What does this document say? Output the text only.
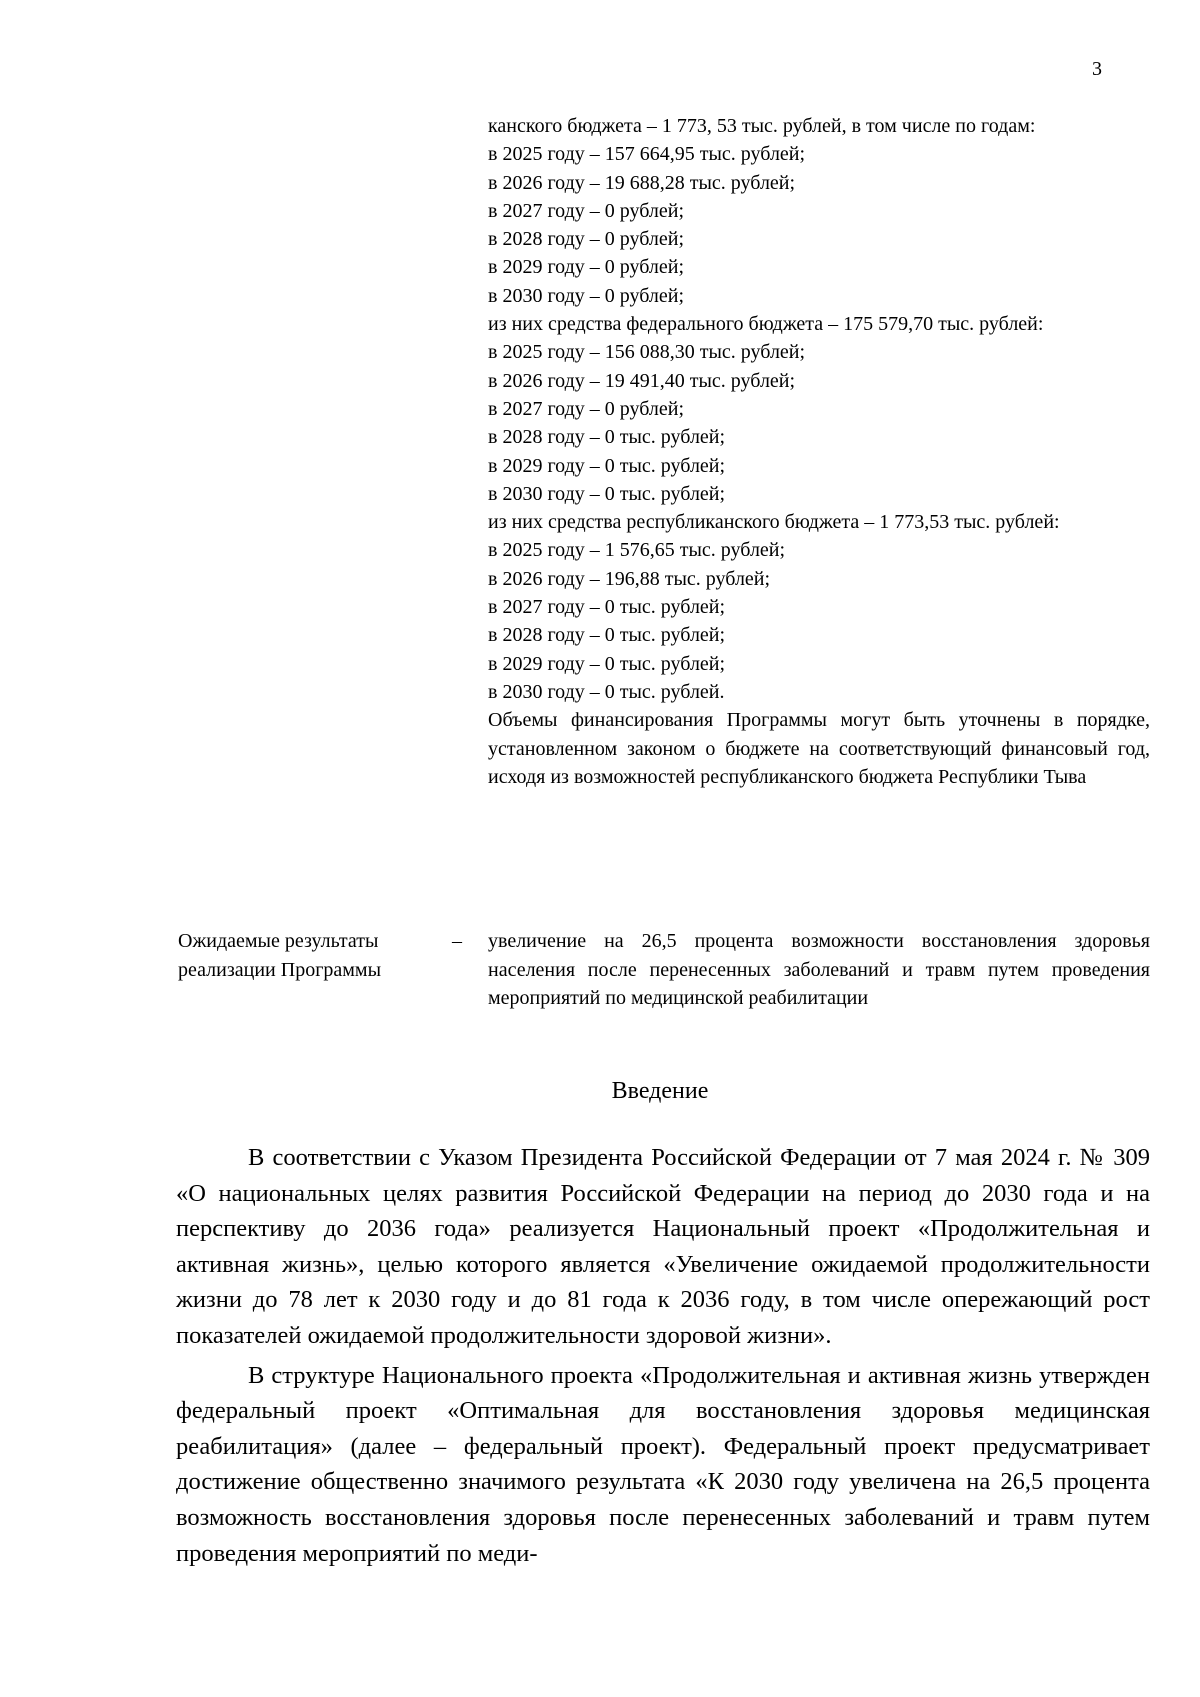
3
канского бюджета – 1 773, 53 тыс. рублей, в том числе по годам:
в 2025 году – 157 664,95 тыс. рублей;
в 2026 году – 19 688,28 тыс. рублей;
в 2027 году – 0 рублей;
в 2028 году – 0 рублей;
в 2029 году – 0 рублей;
в 2030 году – 0 рублей;
из них средства федерального бюджета – 175 579,70 тыс. рублей:
в 2025 году – 156 088,30 тыс. рублей;
в 2026 году – 19 491,40 тыс. рублей;
в 2027 году – 0 рублей;
в 2028 году – 0 тыс. рублей;
в 2029 году – 0 тыс. рублей;
в 2030 году – 0 тыс. рублей;
из них средства республиканского бюджета – 1 773,53 тыс. рублей:
в 2025 году – 1 576,65 тыс. рублей;
в 2026 году – 196,88 тыс. рублей;
в 2027 году – 0 тыс. рублей;
в 2028 году – 0 тыс. рублей;
в 2029 году – 0 тыс. рублей;
в 2030 году – 0 тыс. рублей.
Объемы финансирования Программы могут быть уточнены в порядке, установленном законом о бюджете на соответствующий финансовый год, исходя из возможностей республиканского бюджета Республики Тыва
Ожидаемые результаты реализации Программы
– увеличение на 26,5 процента возможности восстановления здоровья населения после перенесенных заболеваний и травм путем проведения мероприятий по медицинской реабилитации
Введение

В соответствии с Указом Президента Российской Федерации от 7 мая 2024 г. № 309 «О национальных целях развития Российской Федерации на период до 2030 года и на перспективу до 2036 года» реализуется Национальный проект «Продолжительная и активная жизнь», целью которого является «Увеличение ожидаемой продолжительности жизни до 78 лет к 2030 году и до 81 года к 2036 году, в том числе опережающий рост показателей ожидаемой продолжительности здоровой жизни».

В структуре Национального проекта «Продолжительная и активная жизнь утвержден федеральный проект «Оптимальная для восстановления здоровья медицинская реабилитация» (далее – федеральный проект). Федеральный проект предусматривает достижение общественно значимого результата «К 2030 году увеличена на 26,5 процента возможность восстановления здоровья после перенесенных заболеваний и травм путем проведения мероприятий по меди-
